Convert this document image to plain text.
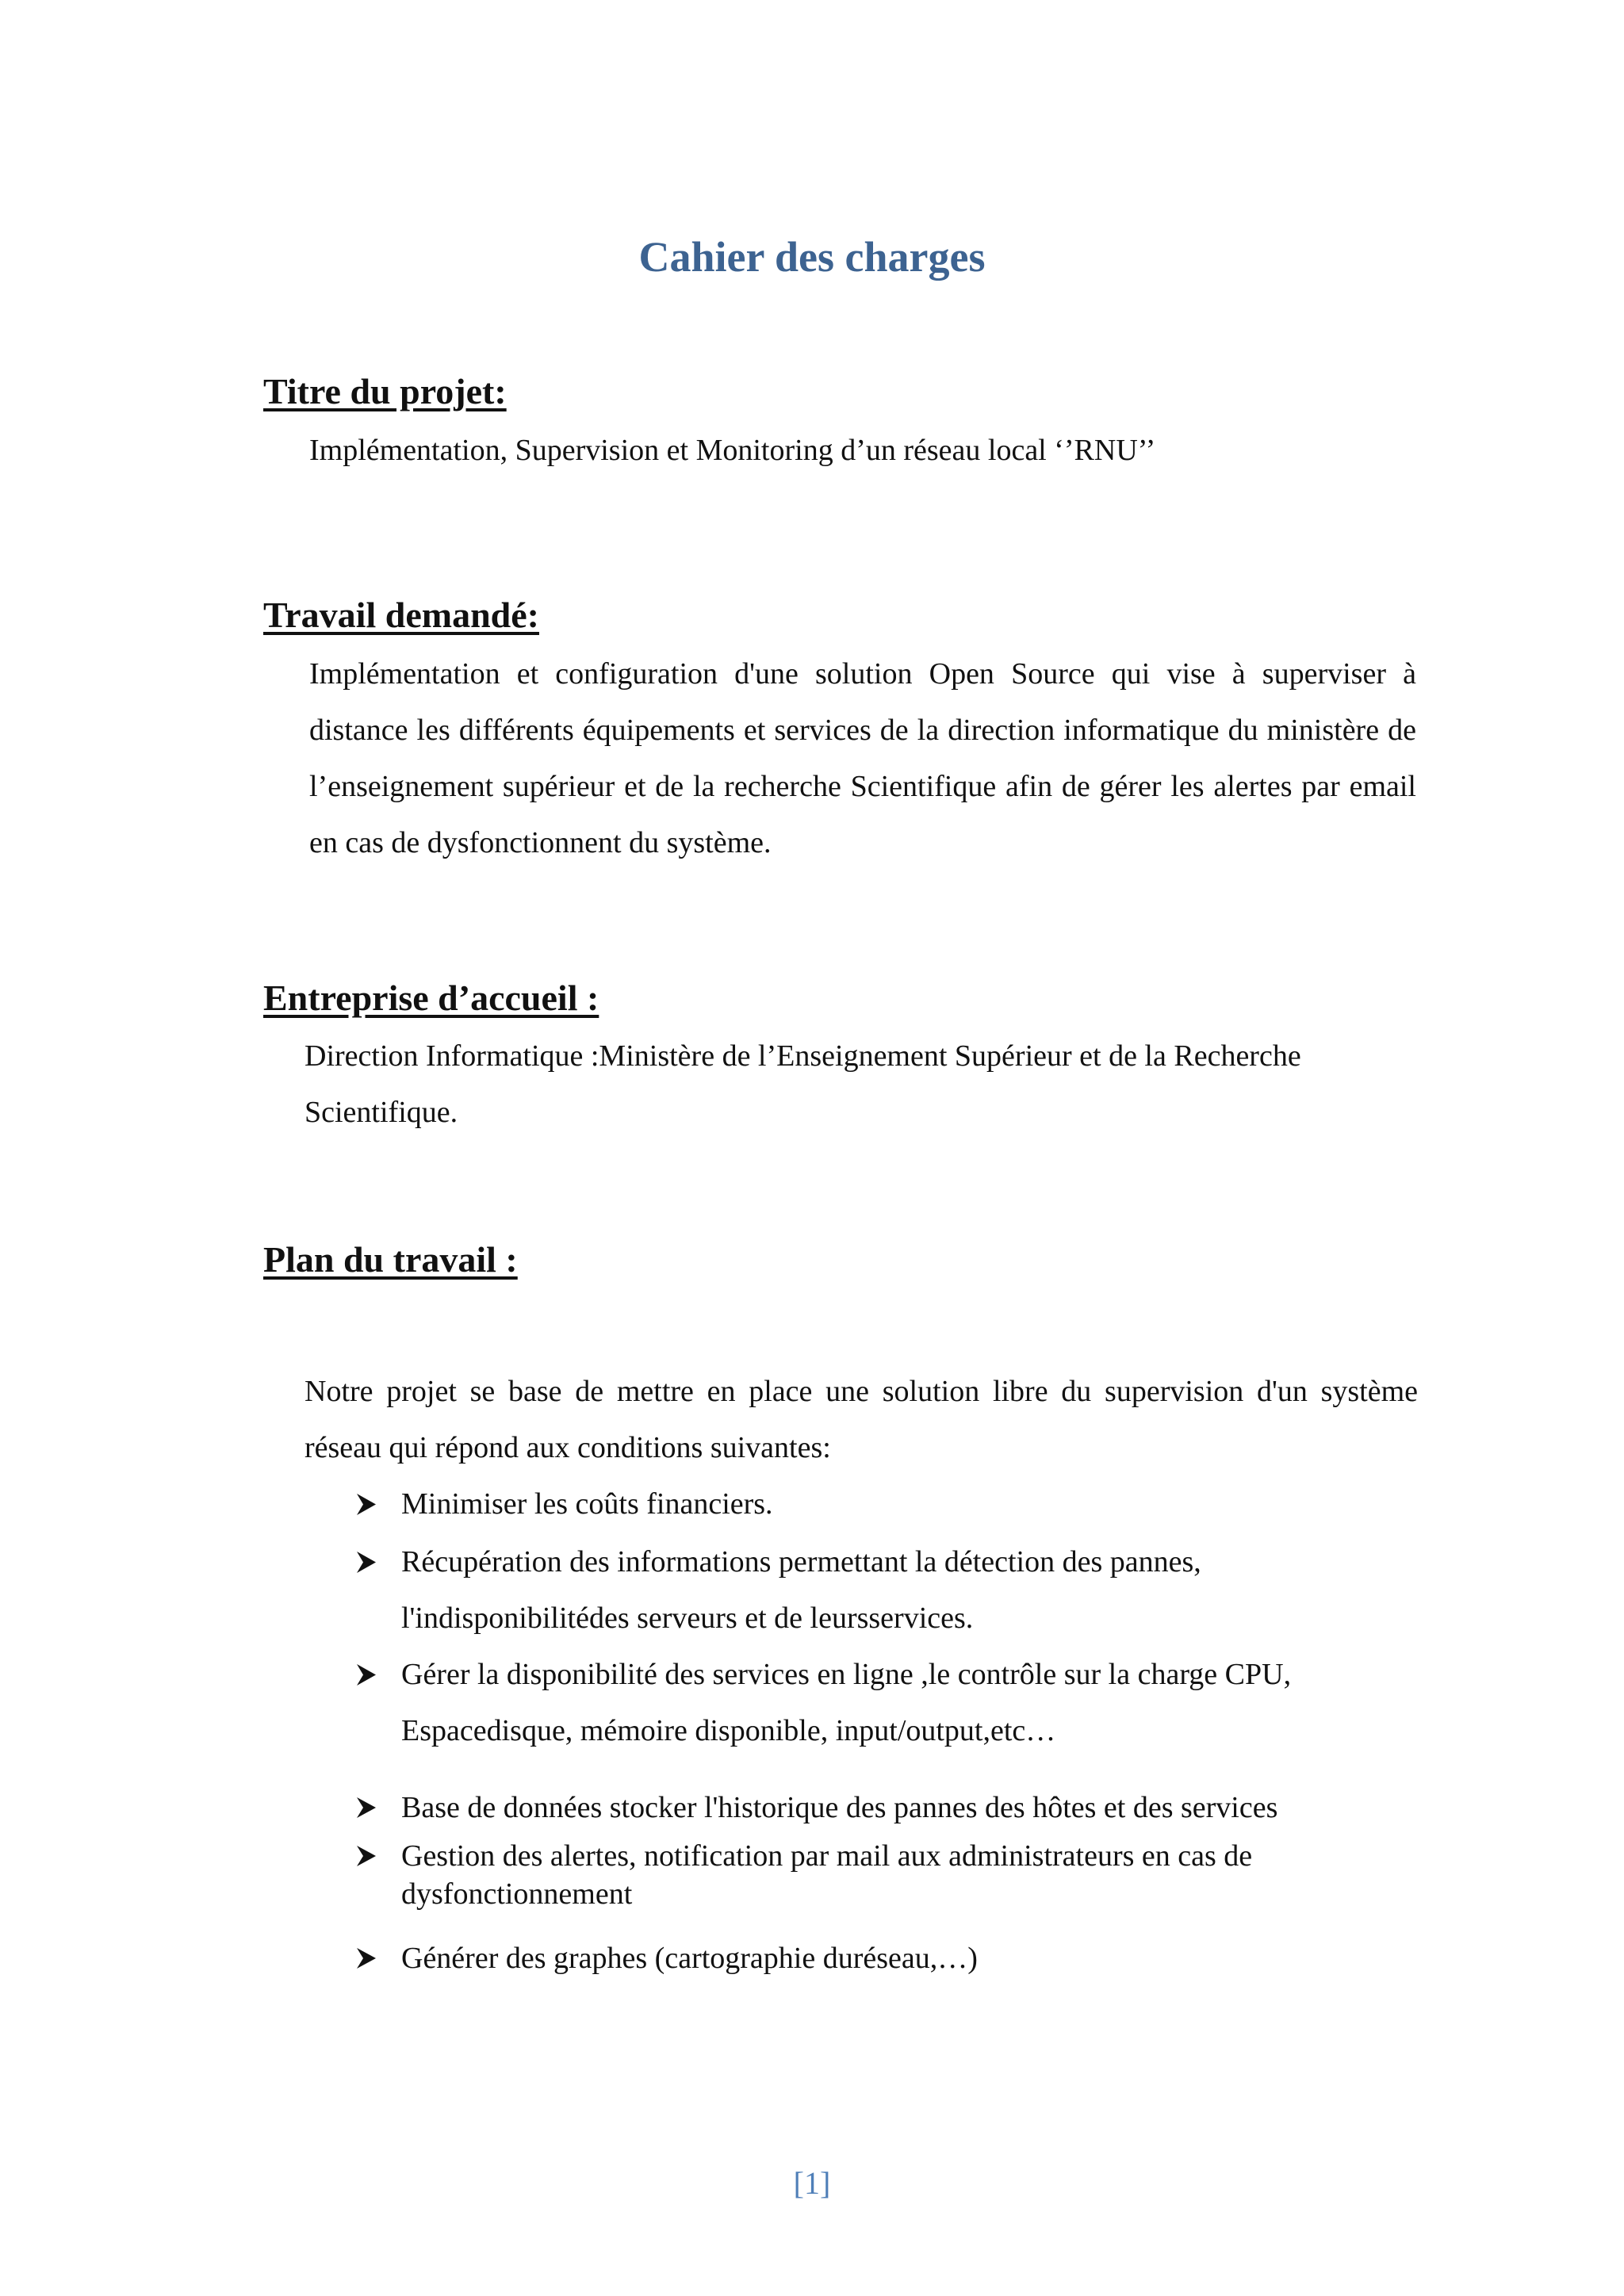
Cahier des charges
Titre du projet:
Implémentation, Supervision et Monitoring d’un réseau local ‘’RNU’’
Travail demandé:
Implémentation et configuration d'une solution Open Source qui vise à superviser à distance les différents équipements et services de la direction informatique du ministère de l’enseignement supérieur et de la recherche Scientifique afin de gérer les alertes par email en cas de dysfonctionnent du système.
Entreprise d’accueil :
Direction Informatique :Ministère de l’Enseignement Supérieur et de la Recherche Scientifique.
Plan du travail :
Notre projet se base de mettre en place une solution libre du supervision d'un système réseau qui répond aux conditions suivantes:
Minimiser les coûts financiers.
Récupération des informations permettant la détection des pannes, l'indisponibilitédes serveurs et de leursservices.
Gérer la disponibilité des services en ligne ,le contrôle sur la charge CPU, Espacedisque, mémoire disponible, input/output,etc…
Base de données stocker l'historique des pannes des hôtes et des services
Gestion des alertes, notification par mail aux administrateurs en cas de dysfonctionnement
Générer des graphes (cartographie duréseau,…)
[1]
